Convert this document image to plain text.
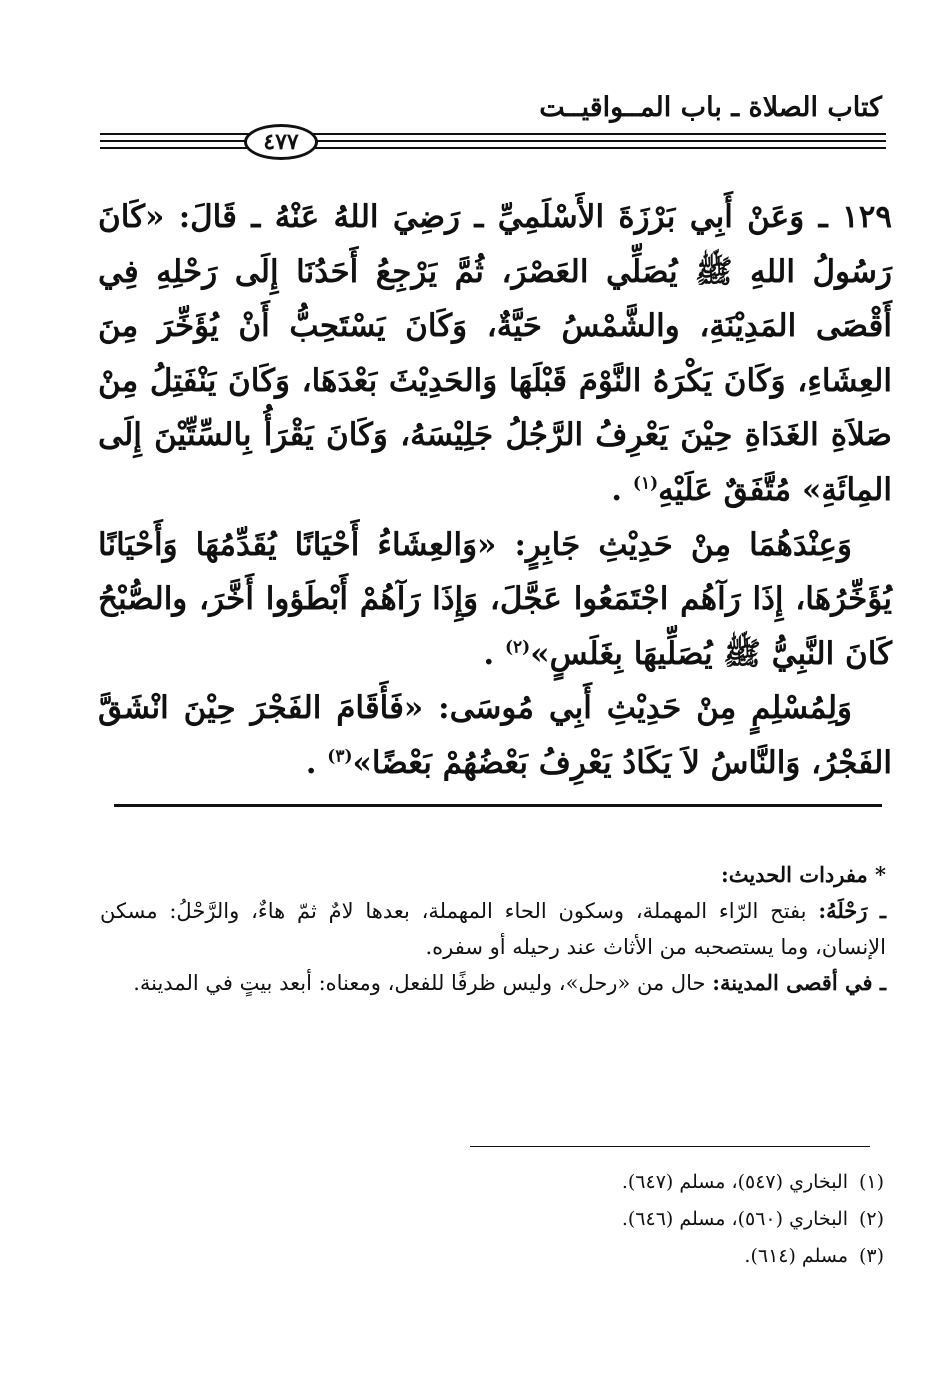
كتاب الصلاة ـ باب المــواقيــت
٤٧٧

١٢٩ ـ وَعَنْ أَبِي بَرْزَةَ الأَسْلَمِيِّ ـ رَضِيَ اللهُ عَنْهُ ـ قَالَ: «كَانَ رَسُولُ اللهِ ﷺ يُصَلِّي العَصْرَ، ثُمَّ يَرْجِعُ أَحَدُنَا إِلَى رَحْلِهِ فِي أَقْصَى المَدِيْنَةِ، والشَّمْسُ حَيَّةٌ، وَكَانَ يَسْتَحِبُّ أَنْ يُؤَخِّرَ مِنَ العِشَاءِ، وَكَانَ يَكْرَهُ النَّوْمَ قَبْلَهَا وَالحَدِيْثَ بَعْدَهَا، وَكَانَ يَنْفَتِلُ مِنْ صَلاَةِ الغَدَاةِ حِيْنَ يَعْرِفُ الرَّجُلُ جَلِيْسَهُ، وَكَانَ يَقْرَأُ بِالسِّتِّيْنَ إِلَى المِائَةِ» مُتَّفَقٌ عَلَيْهِ$^{(١)}$ .

وَعِنْدَهُمَا مِنْ حَدِيْثِ جَابِرٍ: «وَالعِشَاءُ أَحْيَانًا يُقَدِّمُهَا وَأَحْيَانًا يُؤَخِّرُهَا، إِذَا رَآهُم اجْتَمَعُوا عَجَّلَ، وَإِذَا رَآهُمْ أَبْطَؤوا أَخَّرَ، والصُّبْحُ كَانَ النَّبِيُّ ﷺ يُصَلِّيهَا بِغَلَسٍ»$^{(٢)}$ .

وَلِمُسْلِمٍ مِنْ حَدِيْثِ أَبِي مُوسَى: «فَأَقَامَ الفَجْرَ حِيْنَ انْشَقَّ الفَجْرُ، وَالنَّاسُ لاَ يَكَادُ يَعْرِفُ بَعْضُهُمْ بَعْضًا»$^{(٣)}$ .

* مفردات الحديث:

ـ رَحْلَهُ: بفتح الرّاء المهملة، وسكون الحاء المهملة، بعدها لامٌ ثمّ هاءٌ، والرَّحْلُ: مسكن الإنسان، وما يستصحبه من الأثاث عند رحيله أو سفره.

ـ في أقصى المدينة: حال من «رحل»، وليس ظرفًا للفعل، ومعناه: أبعد بيتٍ في المدينة.

(١)
البخاري (٥٤٧)، مسلم (٦٤٧).

(٢)
البخاري (٥٦٠)، مسلم (٦٤٦).

(٣)
مسلم (٦١٤).
